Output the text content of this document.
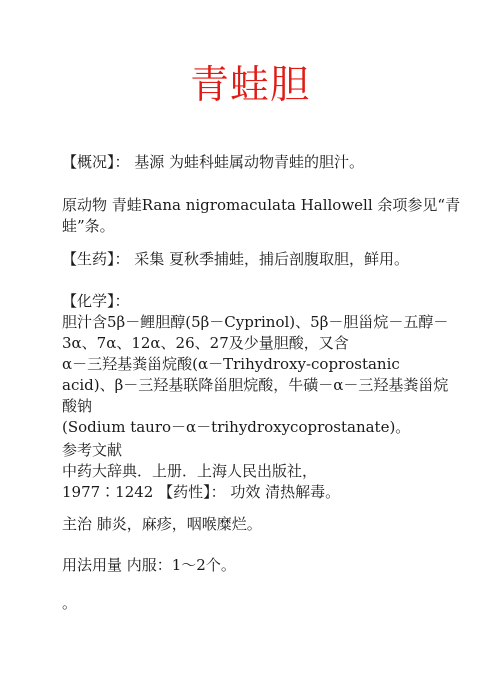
青蛙胆
【概况】： 基源 为蛙科蛙属动物青蛙的胆汁。
原动物 青蛙Rana nigromaculata Hallowell 余项参见“青
蛙”条。
【生药】： 采集 夏秋季捕蛙，捕后剖腹取胆，鲜用。
【化学】：
胆汁含5β－鲤胆醇(5β－Cyprinol)、5β－胆甾烷－五醇－
3α、7α、12α、26、27及少量胆酸，又含
α－三羟基粪甾烷酸(α－Trihydroxy-coprostanic
acid)、β－三羟基联降甾胆烷酸，牛磺－α－三羟基粪甾烷
酸钠
(Sodium tauro－α－trihydroxycoprostanate)。
参考文献
中药大辞典．上册．上海人民出版社，
1977∶1242 【药性】： 功效 清热解毒。
主治 肺炎，麻疹，咽喉糜烂。
用法用量 内服：1～2个。
。
